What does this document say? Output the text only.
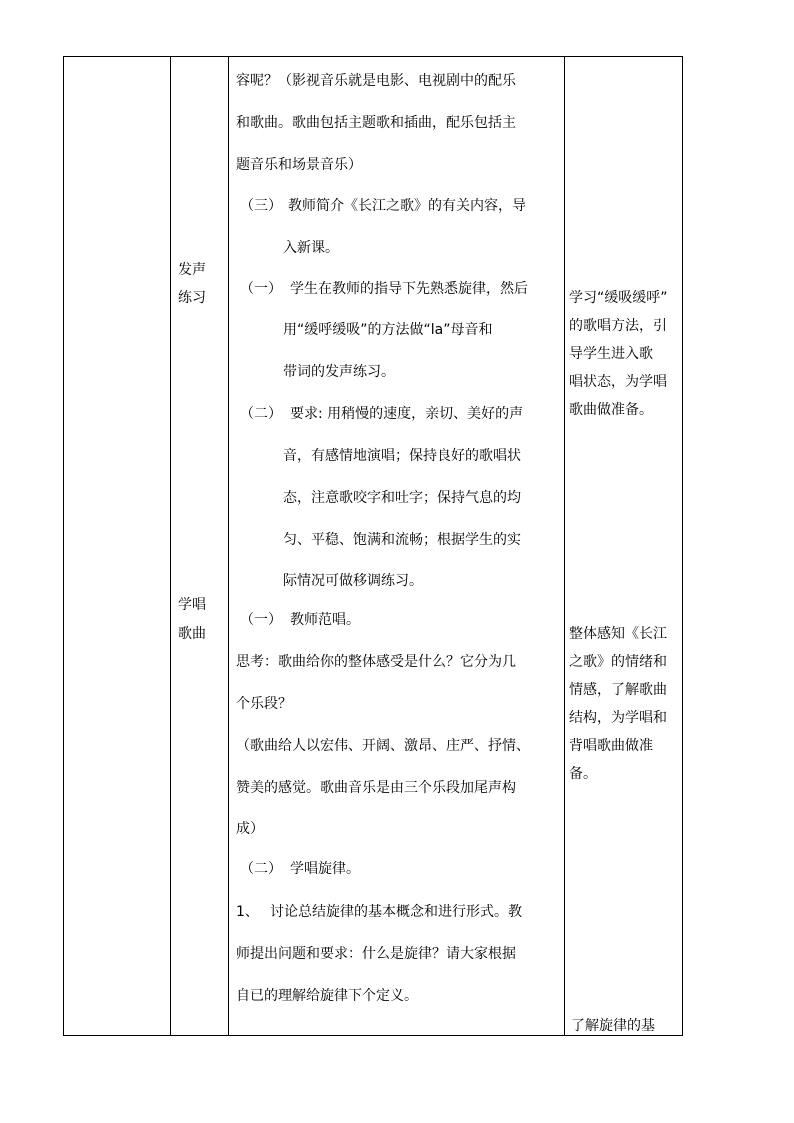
发声
练习
学唱
歌曲
容呢？（影视音乐就是电影、电视剧中的配乐
和歌曲。歌曲包括主题歌和插曲，配乐包括主
题音乐和场景音乐）
（三） 教师简介《长江之歌》的有关内容，导
入新课。
（一） 学生在教师的指导下先熟悉旋律，然后
用“缓呼缓吸”的方法做“la”母音和
带词的发声练习。
（二） 要求: 用稍慢的速度，亲切、美好的声
音，有感情地演唱；保持良好的歌唱状
态，注意歌咬字和吐字；保持气息的均
匀、平稳、饱满和流畅；根据学生的实
际情况可做移调练习。
（一） 教师范唱。
思考：歌曲给你的整体感受是什么？它分为几
个乐段？
（歌曲给人以宏伟、开阔、激昂、庄严、抒情、
赞美的感觉。歌曲音乐是由三个乐段加尾声构
成）
（二） 学唱旋律。
1、 讨论总结旋律的基本概念和进行形式。教
师提出问题和要求：什么是旋律？请大家根据
自已的理解给旋律下个定义。
学习“缓吸缓呼”
的歌唱方法，引
导学生进入歌
唱状态，为学唱
歌曲做准备。
整体感知《长江
之歌》的情绪和
情感，了解歌曲
结构，为学唱和
背唱歌曲做准
备。
了解旋律的基
